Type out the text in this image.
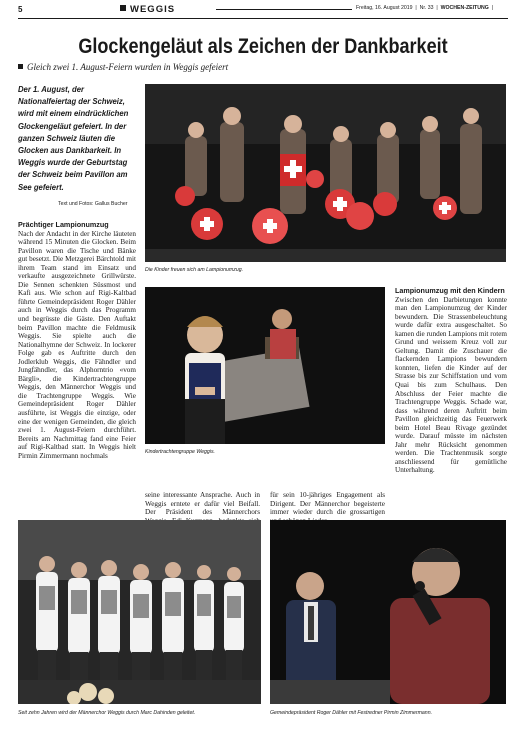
5	WEGGIS	Freitag, 16. August 2019  |  Nr. 33  |  WOCHEN-ZEITUNG  |
Glockengeläut als Zeichen der Dankbarkeit
Gleich zwei 1. August-Feiern wurden in Weggis gefeiert
Der 1. August, der Nationalfeiertag der Schweiz, wird mit einem eindrücklichen Glockengeläut gefeiert. In der ganzen Schweiz läuten die Glocken aus Dankbarkeit. In Weggis wurde der Geburtstag der Schweiz beim Pavillon am See gefeiert.
Text und Fotos: Gallus Bucher
Prächtiger Lampionumzug
Nach der Andacht in der Kirche läuteten während 15 Minuten die Glocken. Beim Pavillon waren die Tische und Bänke gut besetzt. Die Metzgerei Bärchtold mit ihrem Team stand im Einsatz und verkaufte ausgezeichnete Grillwürste. Die Sennen schenkten Süssmost und Kafi aus. Wie schon auf Rigi-Kaltbad führte Gemeindepräsident Roger Dähler auch in Weggis durch das Programm und begrüsste die Gäste. Den Auftakt beim Pavillon machte die Feldmusik Weggis. Sie spielte auch die Nationalhymne der Schweiz. In lockerer Folge gab es Auftritte durch den Jodlerklub Weggis, die Fähndler und Jungfähndler, das Alphorntrio «vom Bärgli», die Kindertrachtengruppe Weggis, den Männerchor Weggis und die Trachtengruppe Weggis. Wie Gemeindepräsident Roger Dähler ausführte, ist Weggis die einzige, oder eine der wenigen Gemeinden, die gleich zwei 1. August-Feiern durchführt. Bereits am Nachmittag fand eine Feier auf Rigi-Kaltbad statt. In Weggis hielt Pirmin Zimmermann nochmals
Die Kinder freuen sich am Lampionumzug.
Kindertrachtengruppe Weggis.
seine interessante Ansprache. Auch in Weggis erntete er dafür viel Beifall. Der Präsident des Männerchors
für sein 10-jähriges Engagement als Dirigent. Der Männerchor begeisterte immer wieder durch die grossartigen
Lampionumzug mit den Kindern
Zwischen den Darbietungen konnte man den Lampionumzug der Kinder bewundern. Die Strassenbeleuchtung wurde dafür extra ausgeschaltet. So kamen die runden Lampions mit rotem Grund und weissem Kreuz voll zur Geltung. Damit die Zuschauer die flackernden Lampions bewundern konnten, liefen die Kinder auf der Strasse bis zur Schiffstation und vom Quai bis zum Schulhaus. Den Abschluss der Feier machte die Trachtengruppe Weggis. Schade war, dass während deren Auftritt beim Pavillon gleichzeitig das Feuerwerk beim Hotel Beau Rivage gezündet wurde. Darauf müsste im nächsten Jahr mehr Rücksicht genommen werden. Die Trachtenmusik sorgte anschliessend für gemütliche Unterhaltung.
Seit zehn Jahren wird der Männerchor Weggis durch Marc Dahinden geleitet.	Gemeindepräsident Roger Dähler mit Festredner Pirmin Zimmermann.
